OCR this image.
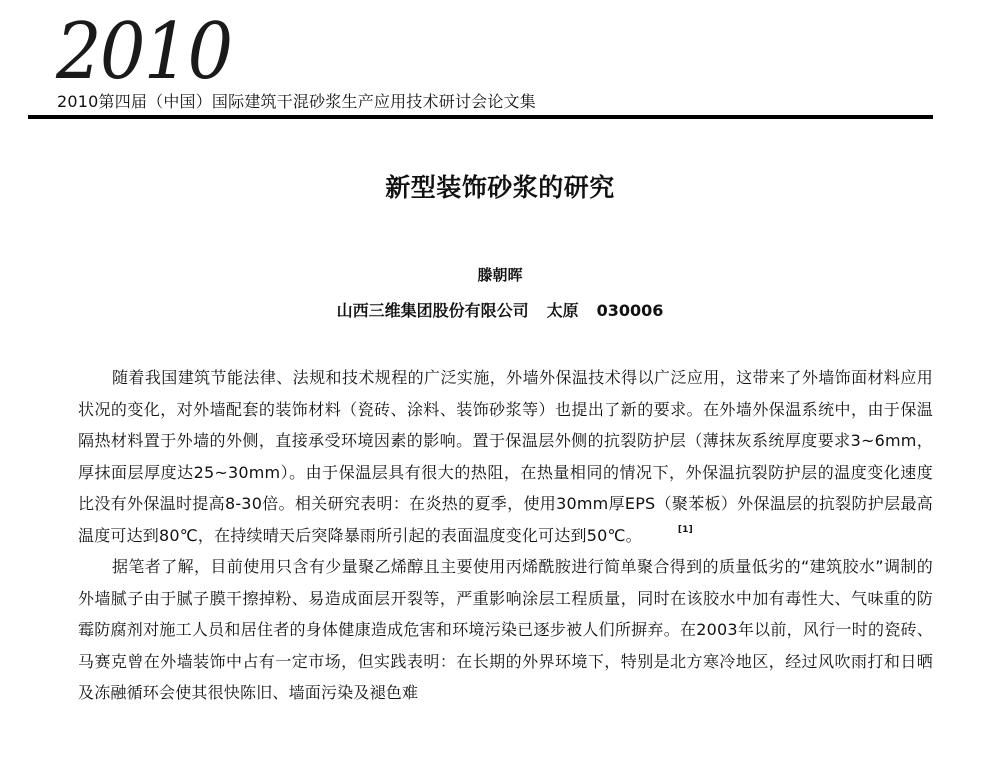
2010
2010第四届（中国）国际建筑干混砂浆生产应用技术研讨会论文集
新型装饰砂浆的研究
滕朝晖
山西三维集团股份有限公司 太原 030006

随着我国建筑节能法律、法规和技术规程的广泛实施，外墙外保温技术得以广泛应用，这带来了外墙饰面材料应用状况的变化，对外墙配套的装饰材料（瓷砖、涂料、装饰砂浆等）也提出了新的要求。在外墙外保温系统中，由于保温隔热材料置于外墙的外侧，直接承受环境因素的影响。置于保温层外侧的抗裂防护层（薄抹灰系统厚度要求3~6mm，厚抹面层厚度达25~30mm）。由于保温层具有很大的热阻，在热量相同的情况下，外保温抗裂防护层的温度变化速度比没有外保温时提高8-30倍。相关研究表明：在炎热的夏季，使用30mm厚EPS（聚苯板）外保温层的抗裂防护层最高温度可达到80℃，在持续晴天后突降暴雨所引起的表面温度变化可达到50℃。	[1]

据笔者了解，目前使用只含有少量聚乙烯醇且主要使用丙烯酰胺进行简单聚合得到的质量低劣的“建筑胶水”调制的外墙腻子由于腻子膜干擦掉粉、易造成面层开裂等，严重影响涂层工程质量，同时在该胶水中加有毒性大、气味重的防霉防腐剂对施工人员和居住者的身体健康造成危害和环境污染已逐步被人们所摒弃。在2003年以前，风行一时的瓷砖、马赛克曾在外墙装饰中占有一定市场，但实践表明：在长期的外界环境下，特别是北方寒冷地区，经过风吹雨打和日晒及冻融循环会使其很快陈旧、墙面污染及褪色难
